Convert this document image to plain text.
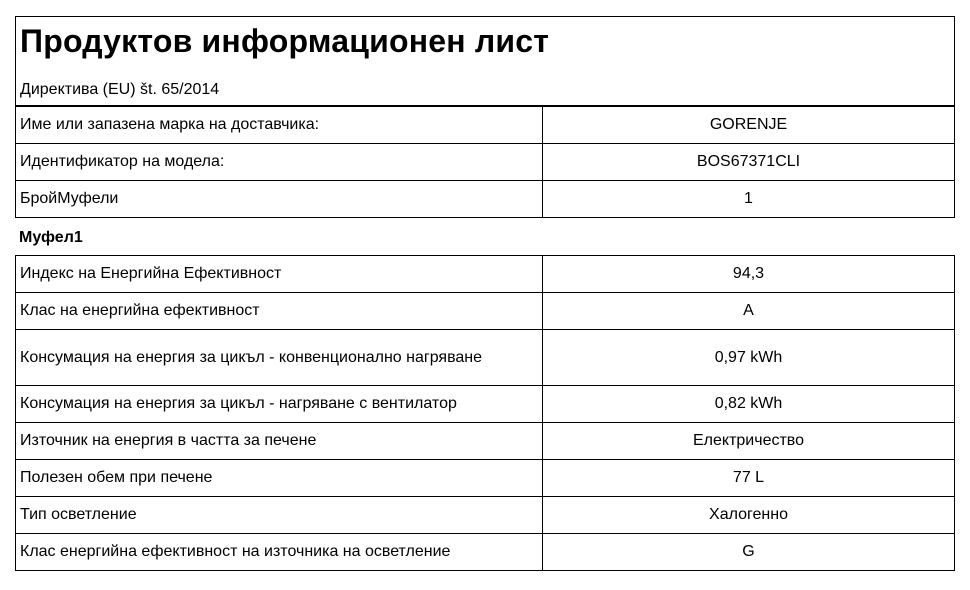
Продуктов информационен лист
Директива (EU) št. 65/2014
Име или запазена марка на доставчика:	GORENJE
Идентификатор на модела:	BOS67371CLI
БройМуфели	1
Муфел1
Индекс на Енергийна Ефективност	94,3
Клас на енергийна ефективност	A
Консумация на енергия за цикъл - конвенционално нагряване	0,97 kWh
Консумация на енергия за цикъл - нагряване с вентилатор	0,82 kWh
Източник на енергия в частта за печене	Електричество
Полезен обем при печене	77 L
Тип осветление	Халогенно
Клас енергийна ефективност на източника на осветление	G
